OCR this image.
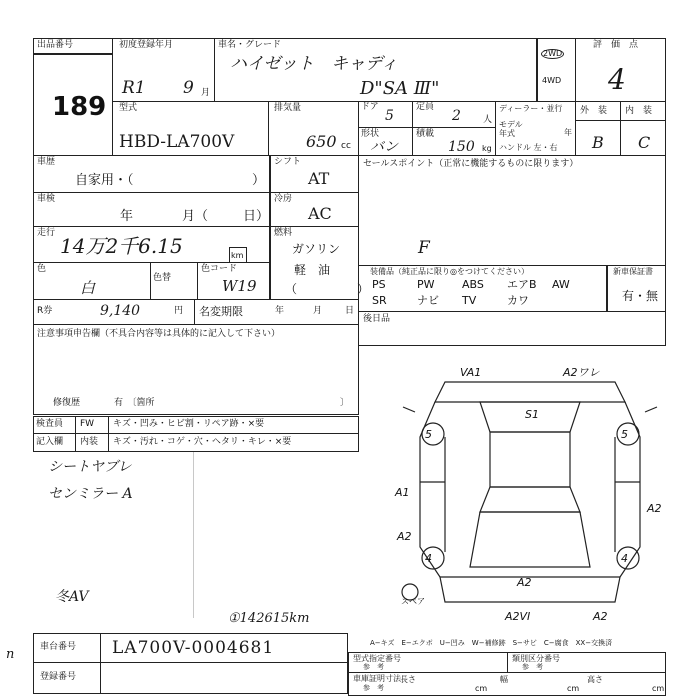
出品番号
189
初度登録年月
R1 9 月
車名・グレード
ハイゼット　キャディ
D"SA Ⅲ"
2WD
4WD
評　価　点
4
型式
HBD-LA700V
排気量
650 cc
ドア
5
定員
2 人
形状
バン
積載
150 kg
ディーラー・並行
モデル年式	年
ハンドル 左・右
外　装 内　装
B C
車歴
自家用・（	）
シフト
AT
車検
年	月（	日）
冷房
AC
走行
14万2千6.15	km
燃料
ガソリン
軽　油
（　　　　　）
色
白
色替
色コード
W19
セールスポイント（正常に機能するものに限ります）
F
装備品（純正品に限り◎をつけてください）	新車保証書
有・無
PS	PW ABS エアB AW
SR	ナビ TV	カワ
後日品
R券	9,140	円 名変期限	年	月	日
注意事項申告欄（不具合内容等は具体的に記入して下さい）
修復歴	有　〔箇所	〕
検査員 FW キズ・凹み・ヒビ割・リペア跡・×要
記入欄 内装 キズ・汚れ・コゲ・穴・ヘタリ・キレ・×要
シートヤブレ
センミラー A
冬AV
①142615km
VA1	A2ワレ
S1
5	5
A1
A2
A2
4	4
A2
A2VI	A2
スペア
n	車台番号 LA700V-0004681
登録番号
A−キズ　E−エクボ　U−凹み　W−補修跡　S−サビ　C−腐食　XX−交換済
型式指定番号
参　考
類別区分番号
参　考
車庫証明寸法
参　考
長さ
cm
幅
cm
高さ
cm
